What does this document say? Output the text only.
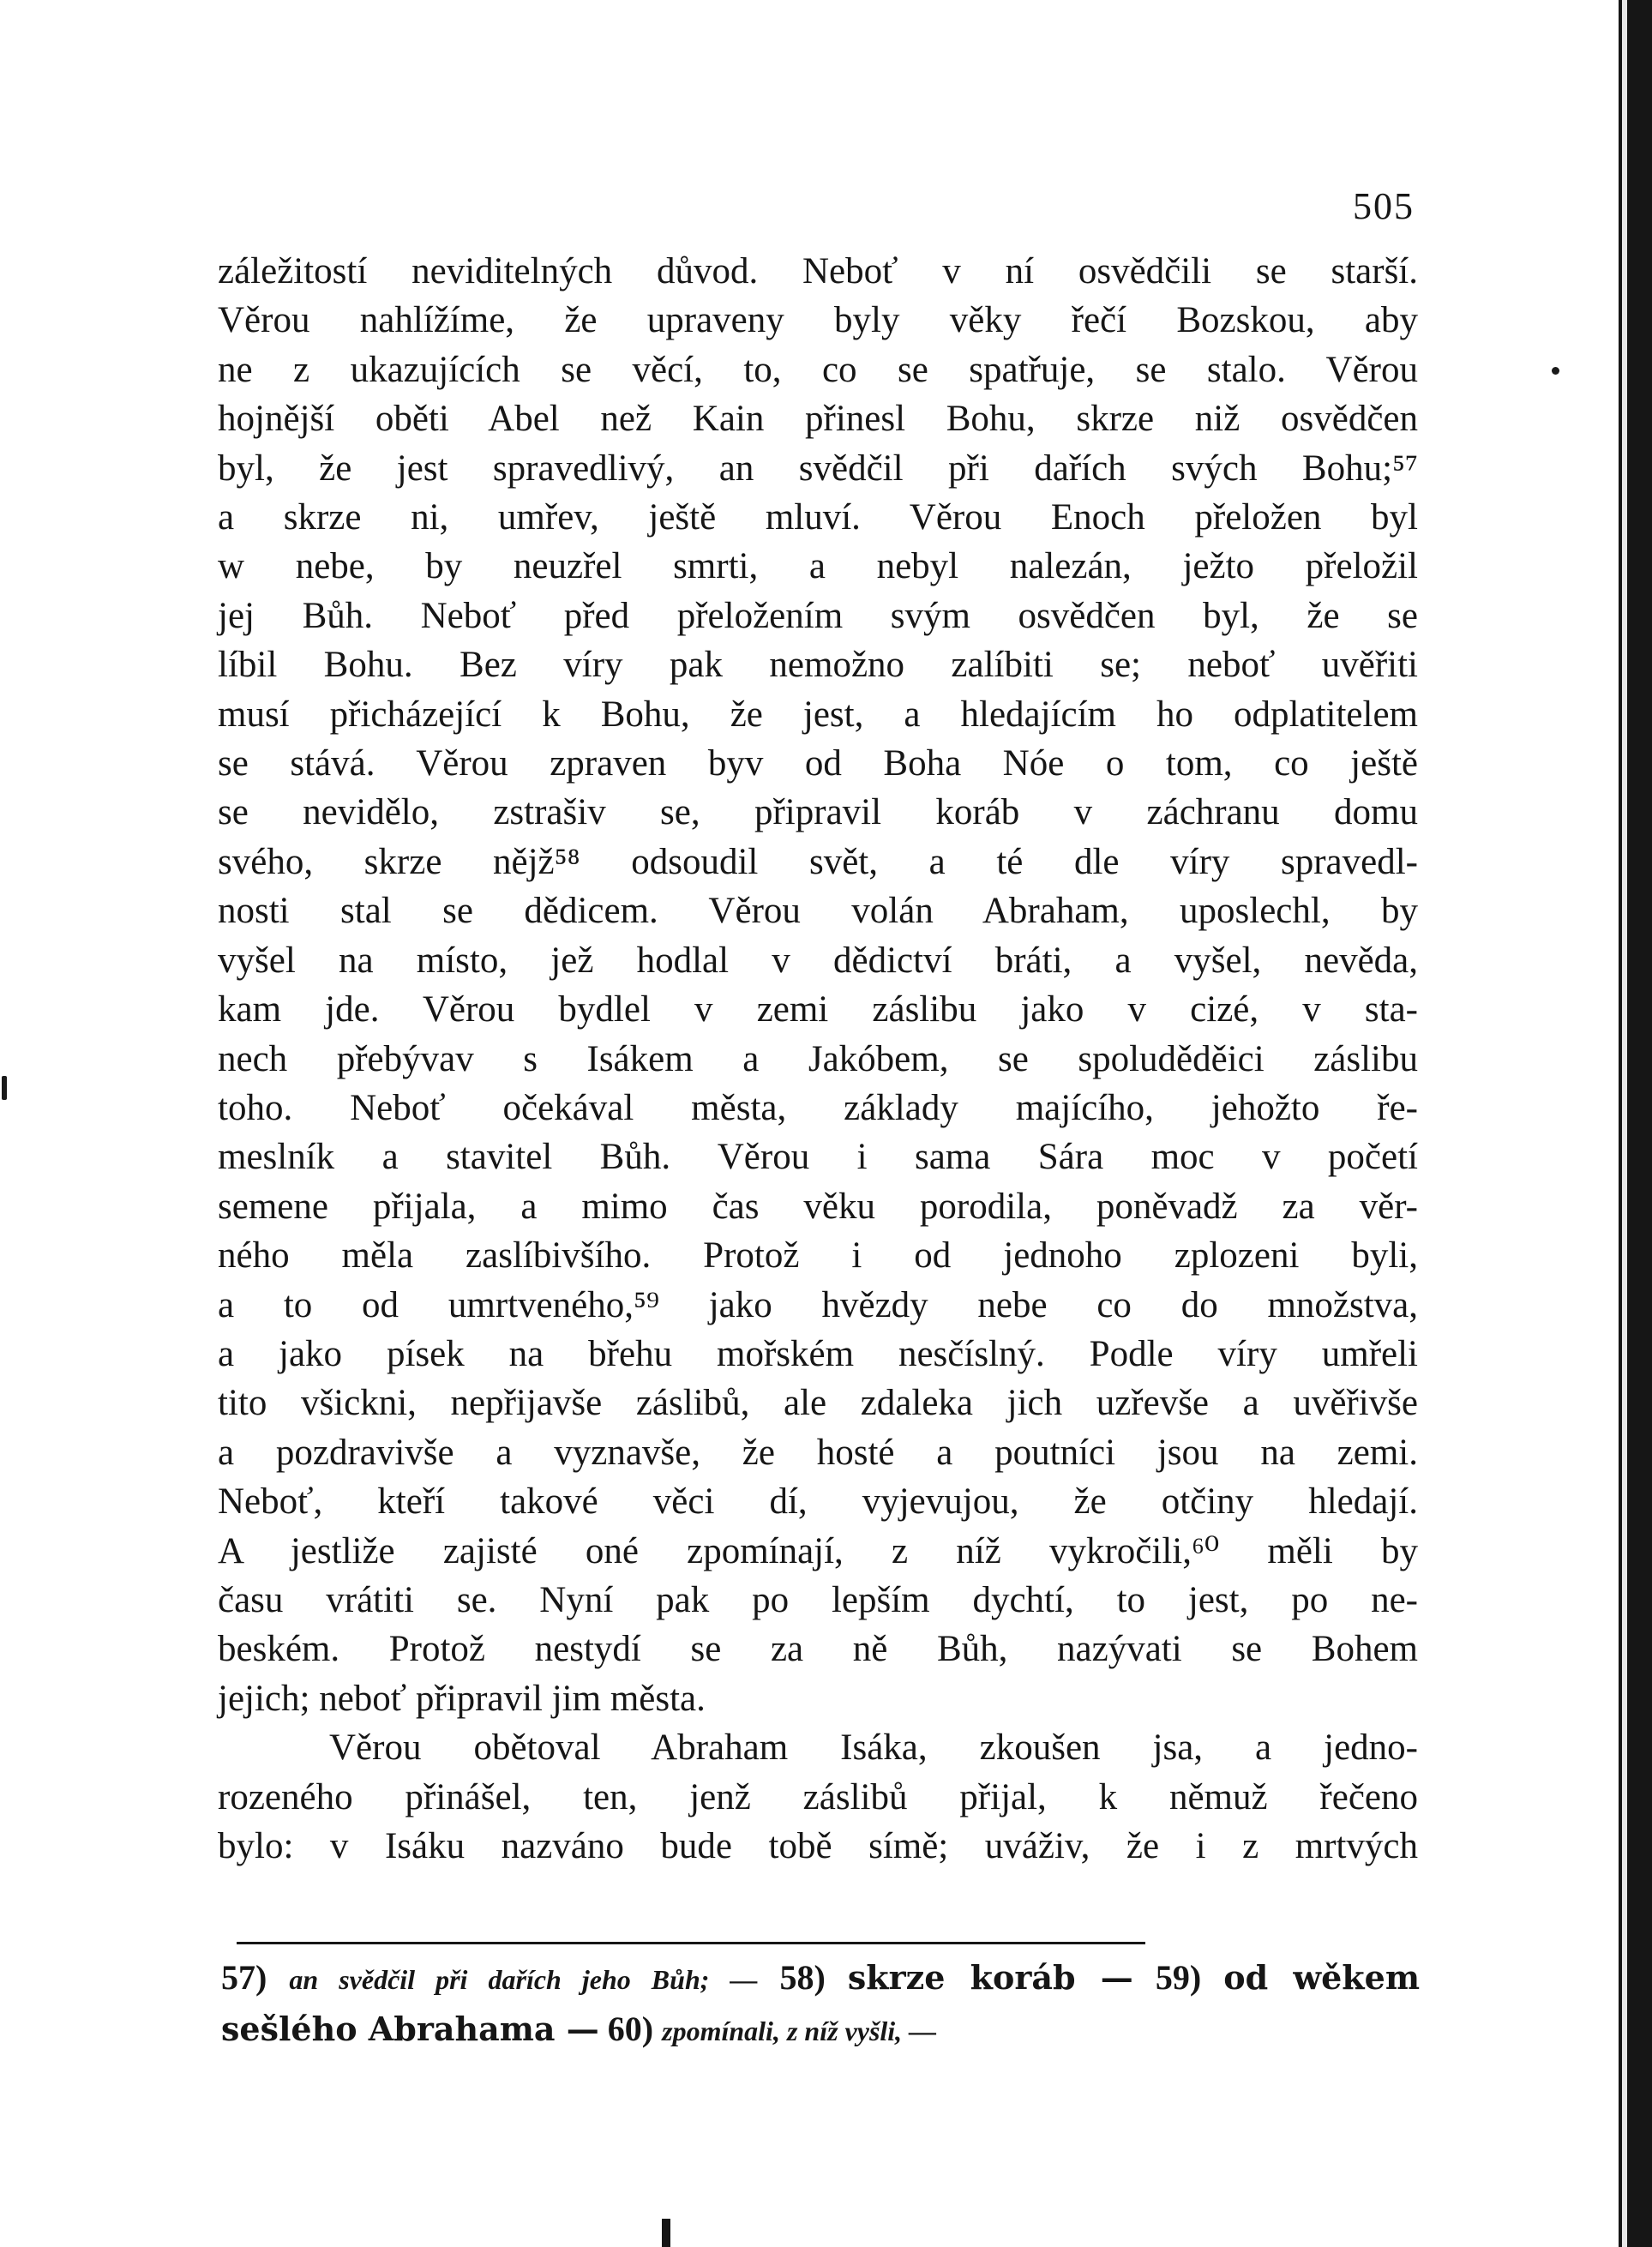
505
záležitostí neviditelných důvod. Neboť v ní osvědčili se starší.
Věrou nahlížíme, že upraveny byly věky řečí Bozskou, aby
ne z ukazujících se věcí, to, co se spatřuje, se stalo. Věrou
hojnější oběti Abel než Kain přinesl Bohu, skrze niž osvědčen
byl, že jest spravedlivý, an svědčil při dařích svých Bohu;⁵⁷
a skrze ni, umřev, ještě mluví. Věrou Enoch přeložen byl
w nebe, by neuzřel smrti, a nebyl nalezán, ježto přeložil
jej Bůh. Neboť před přeložením svým osvědčen byl, že se
líbil Bohu. Bez víry pak nemožno zalíbiti se; neboť uvěřiti
musí přicházející k Bohu, že jest, a hledajícím ho odplatitelem
se stává. Věrou zpraven byv od Boha Nóe o tom, co ještě
se nevidělo, zstrašiv se, připravil koráb v záchranu domu
svého, skrze nějž⁵⁸ odsoudil svět, a té dle víry spravedl-
nosti stal se dědicem. Věrou volán Abraham, uposlechl, by
vyšel na místo, jež hodlal v dědictví bráti, a vyšel, nevěda,
kam jde. Věrou bydlel v zemi záslibu jako v cizé, v sta-
nech přebývav s Isákem a Jakóbem, se spoluděděici záslibu
toho. Neboť očekával města, základy majícího, jehožto ře-
meslník a stavitel Bůh. Věrou i sama Sára moc v početí
semene přijala, a mimo čas věku porodila, poněvadž za věr-
ného měla zaslíbivšího. Protož i od jednoho zplozeni byli,
a to od umrtveného,⁵⁹ jako hvězdy nebe co do množstva,
a jako písek na břehu mořském nesčíslný. Podle víry umřeli
tito všickni, nepřijavše záslibů, ale zdaleka jich uzřevše a uvěřivše
a pozdravivše a vyznavše, že hosté a poutníci jsou na zemi.
Neboť, kteří takové věci dí, vyjevujou, že otčiny hledají.
A jestliže zajisté oné zpomínají, z níž vykročili,⁶⁰ měli by
času vrátiti se. Nyní pak po lepším dychtí, to jest, po ne-
beském. Protož nestydí se za ně Bůh, nazývati se Bohem
jejich; neboť připravil jim města.
Věrou obětoval Abraham Isáka, zkoušen jsa, a jedno-
rozeného přinášel, ten, jenž záslibů přijal, k němuž řečeno
bylo: v Isáku nazváno bude tobě símě; uváživ, že i z mrtvých
57) an svědčil při dařích jeho Bůh; — 58) skrze koráb — 59) od wěkem
sešlého Abrahama — 60) zpomínali, z níž vyšli, —
